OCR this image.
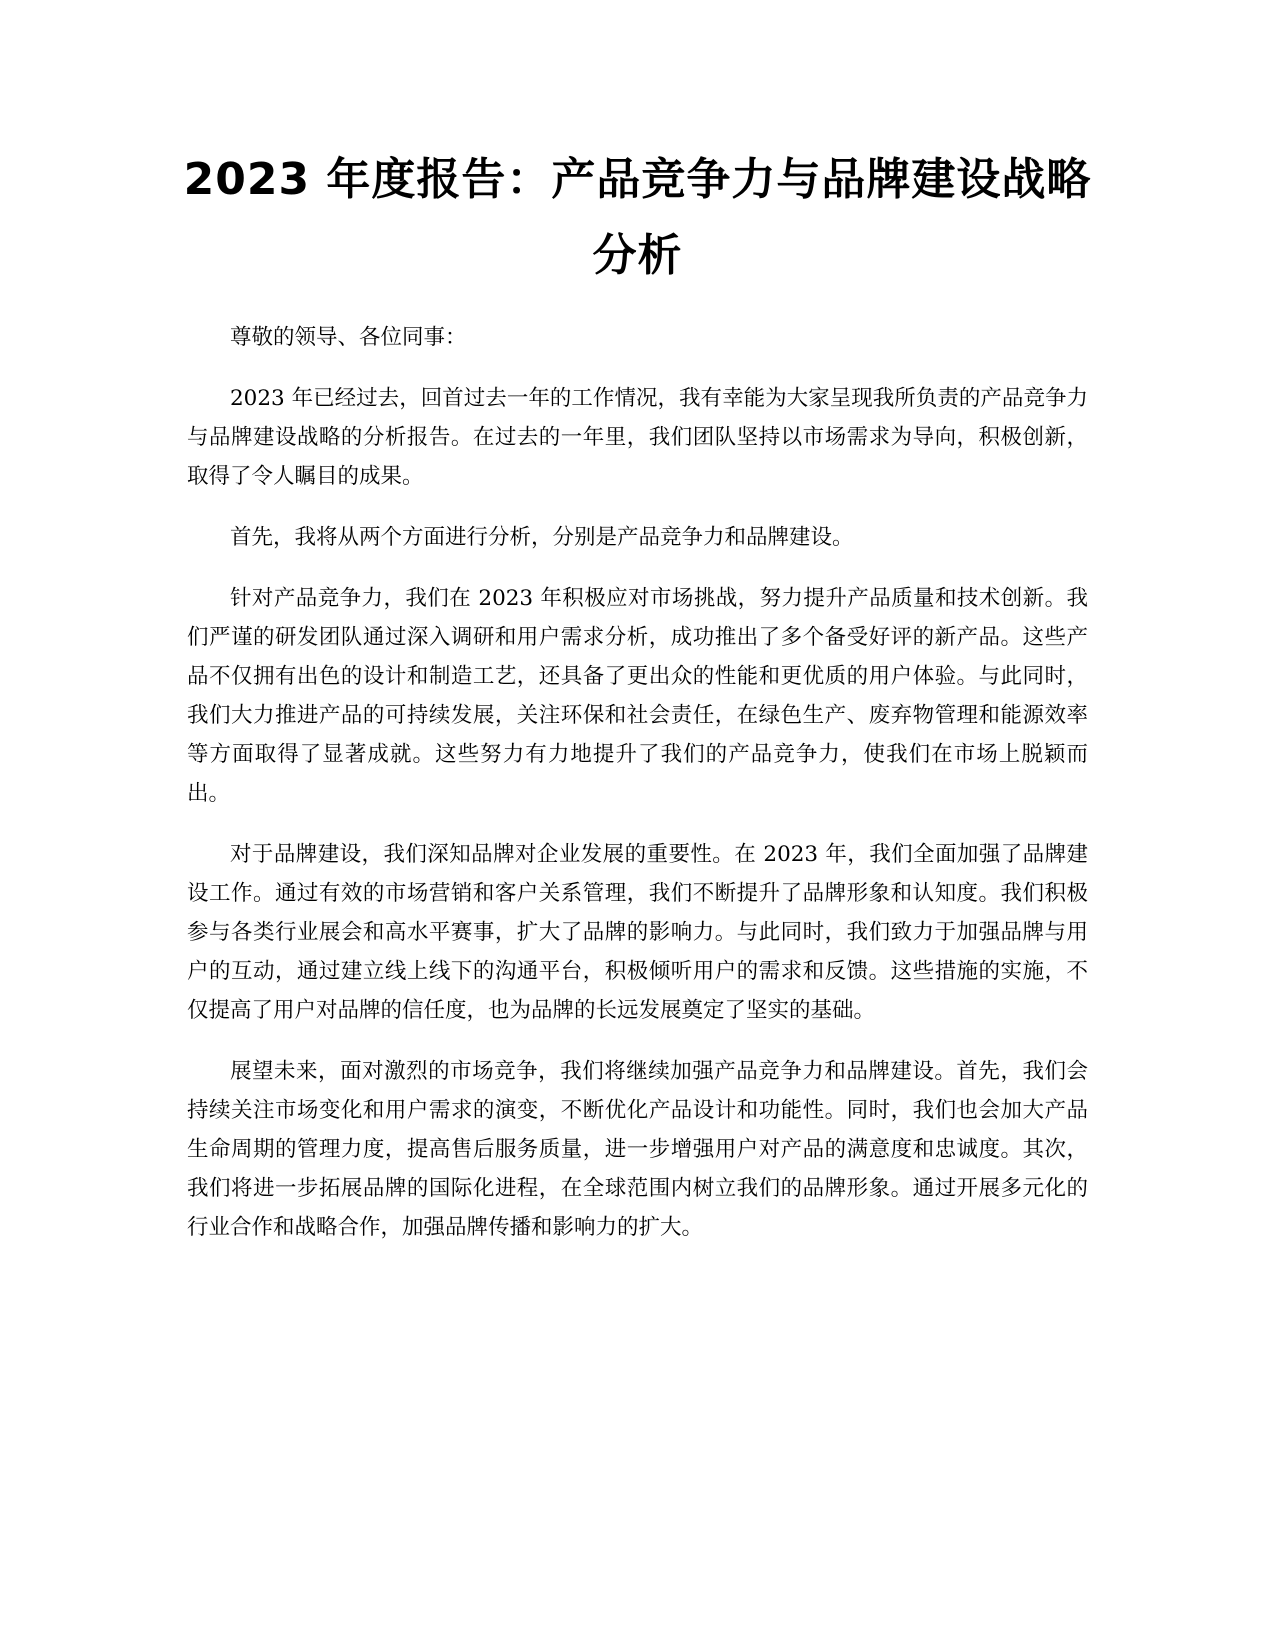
2023 年度报告：产品竞争力与品牌建设战略
分析

尊敬的领导、各位同事：

2023 年已经过去，回首过去一年的工作情况，我有幸能为大家呈现我所负责的产品竞争力与品牌建设战略的分析报告。在过去的一年里，我们团队坚持以市场需求为导向，积极创新，取得了令人瞩目的成果。

首先，我将从两个方面进行分析，分别是产品竞争力和品牌建设。

针对产品竞争力，我们在 2023 年积极应对市场挑战，努力提升产品质量和技术创新。我们严谨的研发团队通过深入调研和用户需求分析，成功推出了多个备受好评的新产品。这些产品不仅拥有出色的设计和制造工艺，还具备了更出众的性能和更优质的用户体验。与此同时，我们大力推进产品的可持续发展，关注环保和社会责任，在绿色生产、废弃物管理和能源效率等方面取得了显著成就。这些努力有力地提升了我们的产品竞争力，使我们在市场上脱颖而出。

对于品牌建设，我们深知品牌对企业发展的重要性。在 2023 年，我们全面加强了品牌建设工作。通过有效的市场营销和客户关系管理，我们不断提升了品牌形象和认知度。我们积极参与各类行业展会和高水平赛事，扩大了品牌的影响力。与此同时，我们致力于加强品牌与用户的互动，通过建立线上线下的沟通平台，积极倾听用户的需求和反馈。这些措施的实施，不仅提高了用户对品牌的信任度，也为品牌的长远发展奠定了坚实的基础。

展望未来，面对激烈的市场竞争，我们将继续加强产品竞争力和品牌建设。首先，我们会持续关注市场变化和用户需求的演变，不断优化产品设计和功能性。同时，我们也会加大产品生命周期的管理力度，提高售后服务质量，进一步增强用户对产品的满意度和忠诚度。其次，我们将进一步拓展品牌的国际化进程，在全球范围内树立我们的品牌形象。通过开展多元化的行业合作和战略合作，加强品牌传播和影响力的扩大。
